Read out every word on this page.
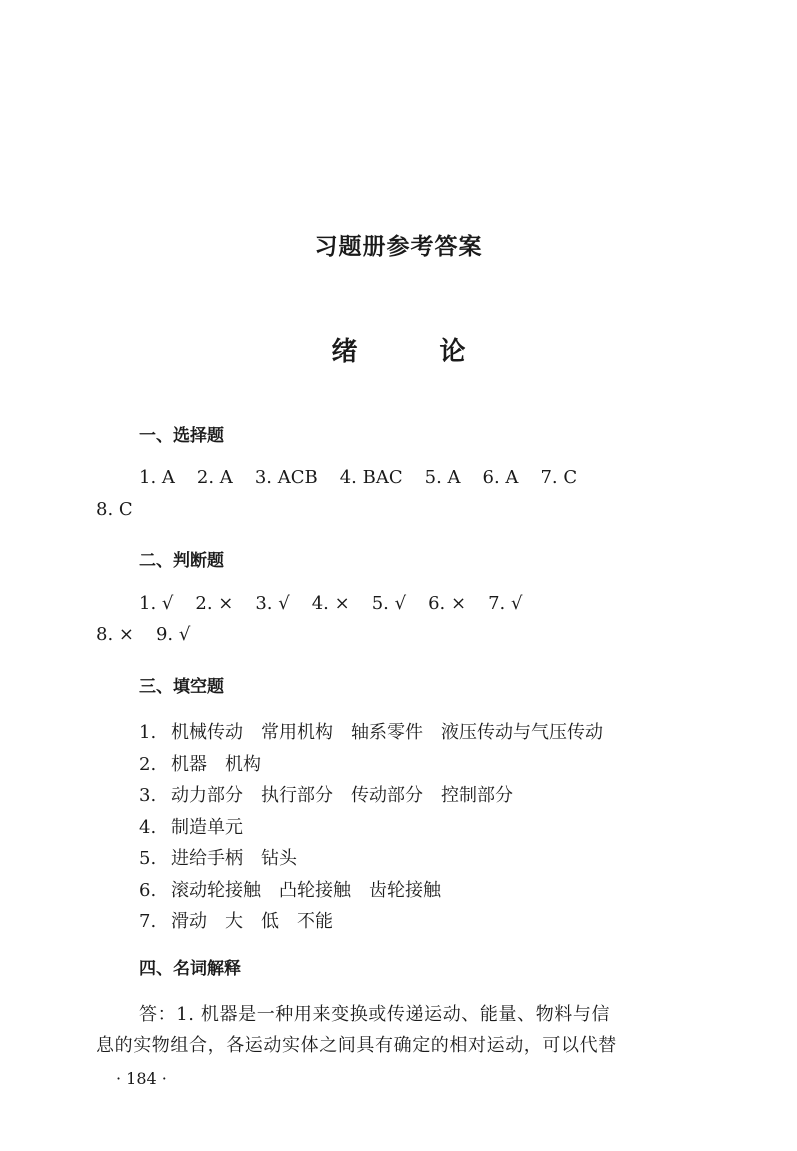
习题册参考答案
绪　论
一、选择题
1. A 2. A 3. ACB 4. BAC 5. A 6. A 7. C
8. C
二、判断题
1. √ 2. × 3. √ 4. × 5. √ 6. × 7. √
8. × 9. √
三、填空题
1. 机械传动 常用机构 轴系零件 液压传动与气压传动
2. 机器 机构
3. 动力部分 执行部分 传动部分 控制部分
4. 制造单元
5. 进给手柄 钻头
6. 滚动轮接触 凸轮接触 齿轮接触
7. 滑动 大 低 不能
四、名词解释
答：1. 机器是一种用来变换或传递运动、能量、物料与信
息的实物组合，各运动实体之间具有确定的相对运动，可以代替
· 184 ·
